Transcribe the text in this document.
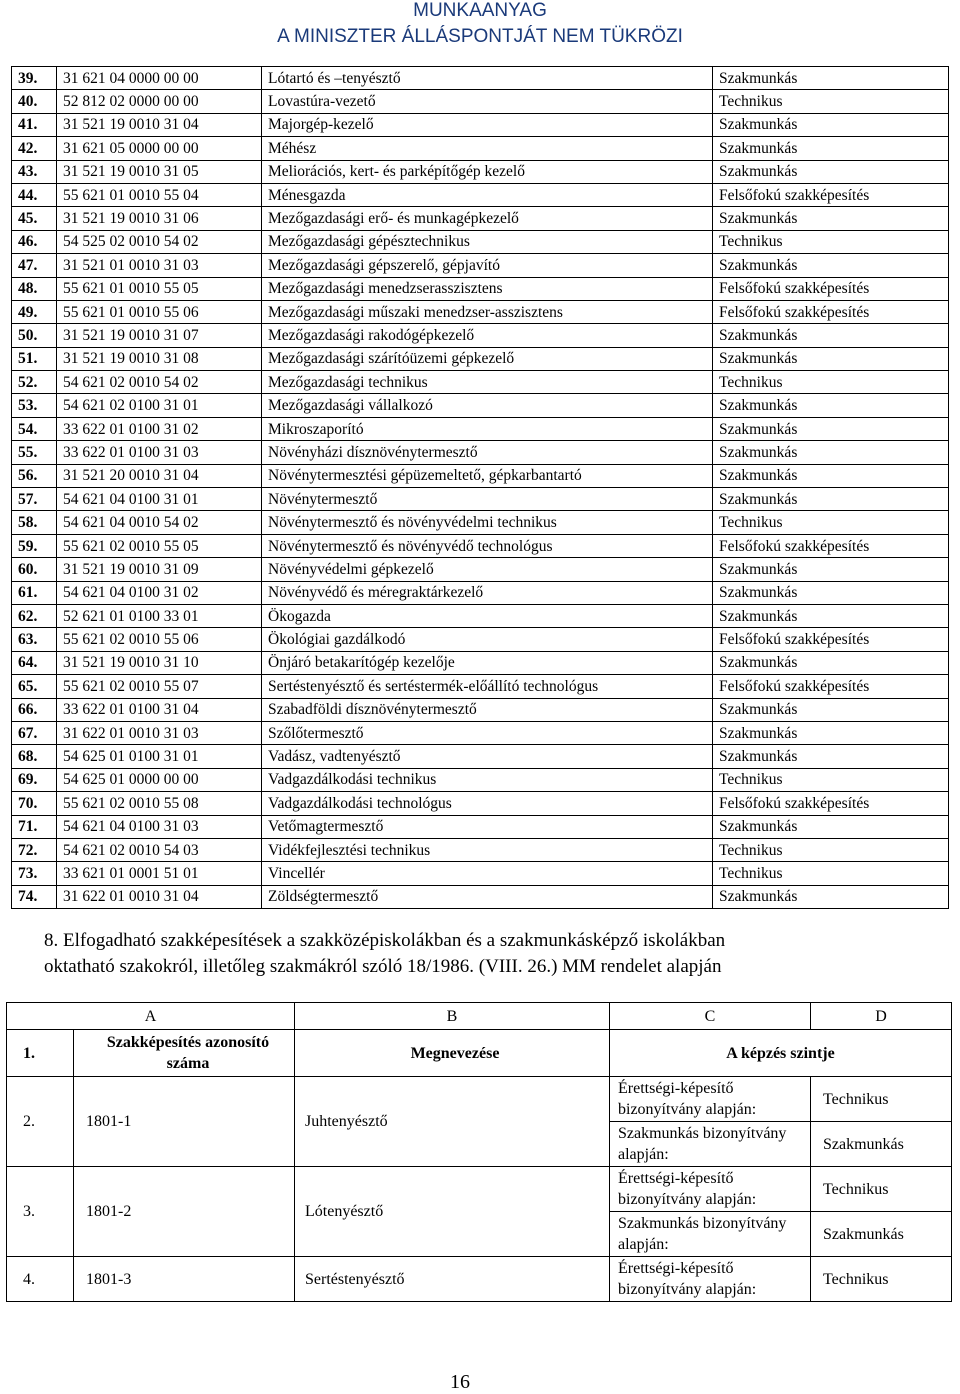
MUNKAANYAG
A MINISZTER ÁLLÁSPONTJÁT NEM TÜKRÖZI
39.	31 621 04 0000 00 00	Lótartó és –tenyésztő	Szakmunkás
40.	52 812 02 0000 00 00	Lovastúra-vezető	Technikus
41.	31 521 19 0010 31 04	Majorgép-kezelő	Szakmunkás
42.	31 621 05 0000 00 00	Méhész	Szakmunkás
43.	31 521 19 0010 31 05	Meliorációs, kert- és parképítőgép kezelő	Szakmunkás
44.	55 621 01 0010 55 04	Ménesgazda	Felsőfokú szakképesítés
45.	31 521 19 0010 31 06	Mezőgazdasági erő- és munkagépkezelő	Szakmunkás
46.	54 525 02 0010 54 02	Mezőgazdasági gépésztechnikus	Technikus
47.	31 521 01 0010 31 03	Mezőgazdasági gépszerelő, gépjavító	Szakmunkás
48.	55 621 01 0010 55 05	Mezőgazdasági menedzserasszisztens	Felsőfokú szakképesítés
49.	55 621 01 0010 55 06	Mezőgazdasági műszaki menedzser-asszisztens	Felsőfokú szakképesítés
50.	31 521 19 0010 31 07	Mezőgazdasági rakodógépkezelő	Szakmunkás
51.	31 521 19 0010 31 08	Mezőgazdasági szárítóüzemi gépkezelő	Szakmunkás
52.	54 621 02 0010 54 02	Mezőgazdasági technikus	Technikus
53.	54 621 02 0100 31 01	Mezőgazdasági vállalkozó	Szakmunkás
54.	33 622 01 0100 31 02	Mikroszaporító	Szakmunkás
55.	33 622 01 0100 31 03	Növényházi dísznövénytermesztő	Szakmunkás
56.	31 521 20 0010 31 04	Növénytermesztési gépüzemeltető, gépkarbantartó	Szakmunkás
57.	54 621 04 0100 31 01	Növénytermesztő	Szakmunkás
58.	54 621 04 0010 54 02	Növénytermesztő és növényvédelmi technikus	Technikus
59.	55 621 02 0010 55 05	Növénytermesztő és növényvédő technológus	Felsőfokú szakképesítés
60.	31 521 19 0010 31 09	Növényvédelmi gépkezelő	Szakmunkás
61.	54 621 04 0100 31 02	Növényvédő és méregraktárkezelő	Szakmunkás
62.	52 621 01 0100 33 01	Ökogazda	Szakmunkás
63.	55 621 02 0010 55 06	Ökológiai gazdálkodó	Felsőfokú szakképesítés
64.	31 521 19 0010 31 10	Önjáró betakarítógép kezelője	Szakmunkás
65.	55 621 02 0010 55 07	Sertéstenyésztő és sertéstermék-előállító technológus	Felsőfokú szakképesítés
66.	33 622 01 0100 31 04	Szabadföldi dísznövénytermesztő	Szakmunkás
67.	31 622 01 0010 31 03	Szőlőtermesztő	Szakmunkás
68.	54 625 01 0100 31 01	Vadász, vadtenyésztő	Szakmunkás
69.	54 625 01 0000 00 00	Vadgazdálkodási technikus	Technikus
70.	55 621 02 0010 55 08	Vadgazdálkodási technológus	Felsőfokú szakképesítés
71.	54 621 04 0100 31 03	Vetőmagtermesztő	Szakmunkás
72.	54 621 02 0010 54 03	Vidékfejlesztési technikus	Technikus
73.	33 621 01 0001 51 01	Vincellér	Technikus
74.	31 622 01 0010 31 04	Zöldségtermesztő	Szakmunkás
8. Elfogadható szakképesítések a szakközépiskolákban és a szakmunkásképző iskolákban
oktatható szakokról, illetőleg szakmákról szóló 18/1986. (VIII. 26.) MM rendelet alapján
A		B	C	D
1.	Szakképesítés azonosító száma	Megnevezése	A képzés szintje	
2.	1801-1	Juhtenyésztő	Érettségi-képesítő bizonyítvány alapján:	Technikus
			Szakmunkás bizonyítvány alapján:	Szakmunkás
3.	1801-2	Lótenyésztő	Érettségi-képesítő bizonyítvány alapján:	Technikus
			Szakmunkás bizonyítvány alapján:	Szakmunkás
4.	1801-3	Sertéstenyésztő	Érettségi-képesítő bizonyítvány alapján:	Technikus
16
